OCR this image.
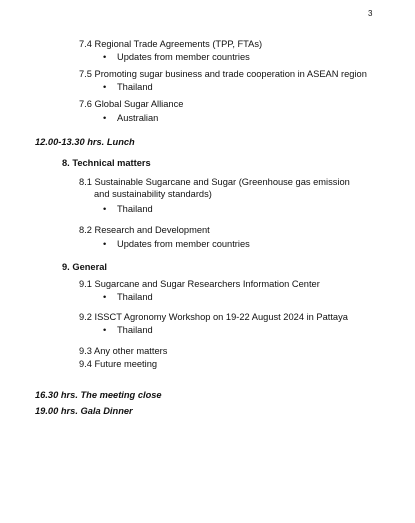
3
7.4 Regional Trade Agreements (TPP, FTAs)
• Updates from member countries
7.5 Promoting sugar business and trade cooperation in ASEAN region
• Thailand
7.6 Global Sugar Alliance
• Australian
12.00-13.30 hrs. Lunch
8. Technical matters
8.1 Sustainable Sugarcane and Sugar (Greenhouse gas emission
and sustainability standards)
• Thailand
8.2 Research and Development
• Updates from member countries
9. General
9.1 Sugarcane and Sugar Researchers Information Center
• Thailand
9.2 ISSCT Agronomy Workshop on 19-22 August 2024 in Pattaya
• Thailand
9.3 Any other matters
9.4 Future meeting
16.30 hrs. The meeting close
19.00 hrs. Gala Dinner
